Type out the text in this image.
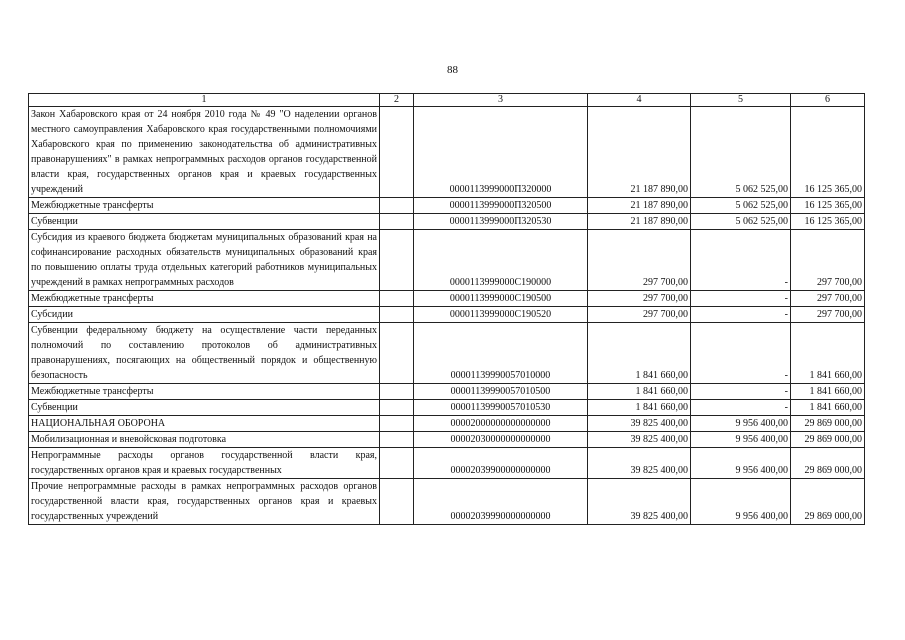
88
1	2	3	4	5	6
Закон Хабаровского края от 24 ноября 2010 года № 49 "О наделении органов местного самоуправления Хабаровского края государственными полномочиями Хабаровского края по применению законодательства об административных правонарушениях" в рамках непрограммных расходов органов государственной власти края, государственных органов края и краевых государственных учреждений		0000113999000П320000	21 187 890,00	5 062 525,00	16 125 365,00
Межбюджетные трансферты		0000113999000П320500	21 187 890,00	5 062 525,00	16 125 365,00
Субвенции		0000113999000П320530	21 187 890,00	5 062 525,00	16 125 365,00
Субсидия из краевого бюджета бюджетам муниципальных образований края на софинансирование расходных обязательств муниципальных образований края по повышению оплаты труда отдельных категорий работников муниципальных учреждений в рамках непрограммных расходов		0000113999000С190000	297 700,00	-	297 700,00
Межбюджетные трансферты		0000113999000С190500	297 700,00	-	297 700,00
Субсидии		0000113999000С190520	297 700,00	-	297 700,00
Субвенции федеральному бюджету на осуществление части переданных полномочий по составлению протоколов об административных правонарушениях, посягающих на общественный порядок и общественную безопасность		00001139990057010000	1 841 660,00	-	1 841 660,00
Межбюджетные трансферты		00001139990057010500	1 841 660,00	-	1 841 660,00
Субвенции		00001139990057010530	1 841 660,00	-	1 841 660,00
НАЦИОНАЛЬНАЯ ОБОРОНА		00002000000000000000	39 825 400,00	9 956 400,00	29 869 000,00
Мобилизационная и вневойсковая подготовка		00002030000000000000	39 825 400,00	9 956 400,00	29 869 000,00
Непрограммные расходы органов государственной власти края, государственных органов края и краевых государственных		00002039900000000000	39 825 400,00	9 956 400,00	29 869 000,00
Прочие непрограммные расходы в рамках непрограммных расходов органов государственной власти края, государственных органов края и краевых государственных учреждений		00002039990000000000	39 825 400,00	9 956 400,00	29 869 000,00
